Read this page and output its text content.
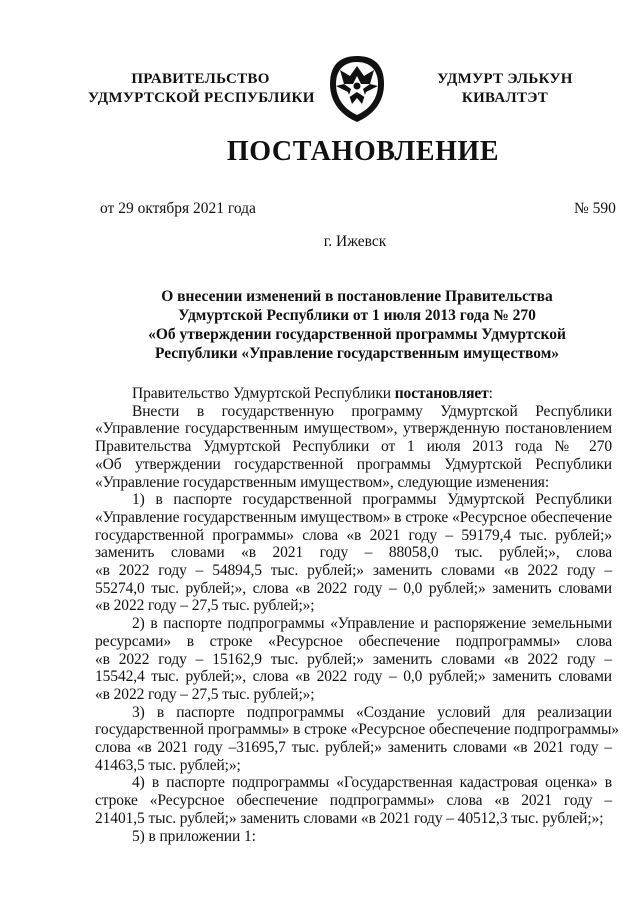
ПРАВИТЕЛЬСТВО
УДМУРТСКОЙ РЕСПУБЛИКИ
УДМУРТ ЭЛЬКУН
КИВАЛТЭТ
ПОСТАНОВЛЕНИЕ
от 29 октября 2021 года	№ 590
г. Ижевск
О внесении изменений в постановление Правительства
Удмуртской Республики от 1 июля 2013 года № 270
«Об утверждении государственной программы Удмуртской
Республики «Управление государственным имуществом»

Правительство Удмуртской Республики постановляет:

Внести в государственную программу Удмуртской Республики
«Управление государственным имуществом», утвержденную постановлением
Правительства Удмуртской Республики от 1 июля 2013 года № 270
«Об утверждении государственной программы Удмуртской Республики
«Управление государственным имуществом», следующие изменения:

1) в паспорте государственной программы Удмуртской Республики
«Управление государственным имуществом» в строке «Ресурсное обеспечение
государственной программы» слова «в 2021 году – 59179,4 тыс. рублей;»
заменить словами «в 2021 году – 88058,0 тыс. рублей;», слова
«в 2022 году – 54894,5 тыс. рублей;» заменить словами «в 2022 году –
55274,0 тыс. рублей;», слова «в 2022 году – 0,0 рублей;» заменить словами
«в 2022 году – 27,5 тыс. рублей;»;

2) в паспорте подпрограммы «Управление и распоряжение земельными
ресурсами» в строке «Ресурсное обеспечение подпрограммы» слова
«в 2022 году – 15162,9 тыс. рублей;» заменить словами «в 2022 году –
15542,4 тыс. рублей;», слова «в 2022 году – 0,0 рублей;» заменить словами
«в 2022 году – 27,5 тыс. рублей;»;

3) в паспорте подпрограммы «Создание условий для реализации
государственной программы» в строке «Ресурсное обеспечение подпрограммы»
слова «в 2021 году –31695,7 тыс. рублей;» заменить словами «в 2021 году –
41463,5 тыс. рублей;»;

4) в паспорте подпрограммы «Государственная кадастровая оценка» в
строке «Ресурсное обеспечение подпрограммы» слова «в 2021 году –
21401,5 тыс. рублей;» заменить словами «в 2021 году – 40512,3 тыс. рублей;»;

5) в приложении 1:
